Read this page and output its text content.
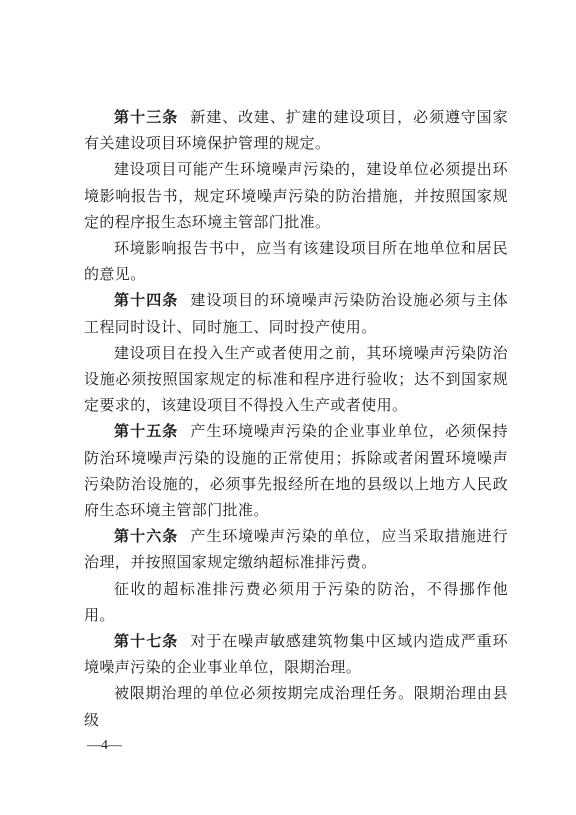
第十三条 新建、改建、扩建的建设项目，必须遵守国家有关建设项目环境保护管理的规定。

建设项目可能产生环境噪声污染的，建设单位必须提出环境影响报告书，规定环境噪声污染的防治措施，并按照国家规定的程序报生态环境主管部门批准。

环境影响报告书中，应当有该建设项目所在地单位和居民的意见。

第十四条 建设项目的环境噪声污染防治设施必须与主体工程同时设计、同时施工、同时投产使用。

建设项目在投入生产或者使用之前，其环境噪声污染防治设施必须按照国家规定的标准和程序进行验收；达不到国家规定要求的，该建设项目不得投入生产或者使用。

第十五条 产生环境噪声污染的企业事业单位，必须保持防治环境噪声污染的设施的正常使用；拆除或者闲置环境噪声污染防治设施的，必须事先报经所在地的县级以上地方人民政府生态环境主管部门批准。

第十六条 产生环境噪声污染的单位，应当采取措施进行治理，并按照国家规定缴纳超标准排污费。

征收的超标准排污费必须用于污染的防治，不得挪作他用。

第十七条 对于在噪声敏感建筑物集中区域内造成严重环境噪声污染的企业事业单位，限期治理。

被限期治理的单位必须按期完成治理任务。限期治理由县级

—4—
